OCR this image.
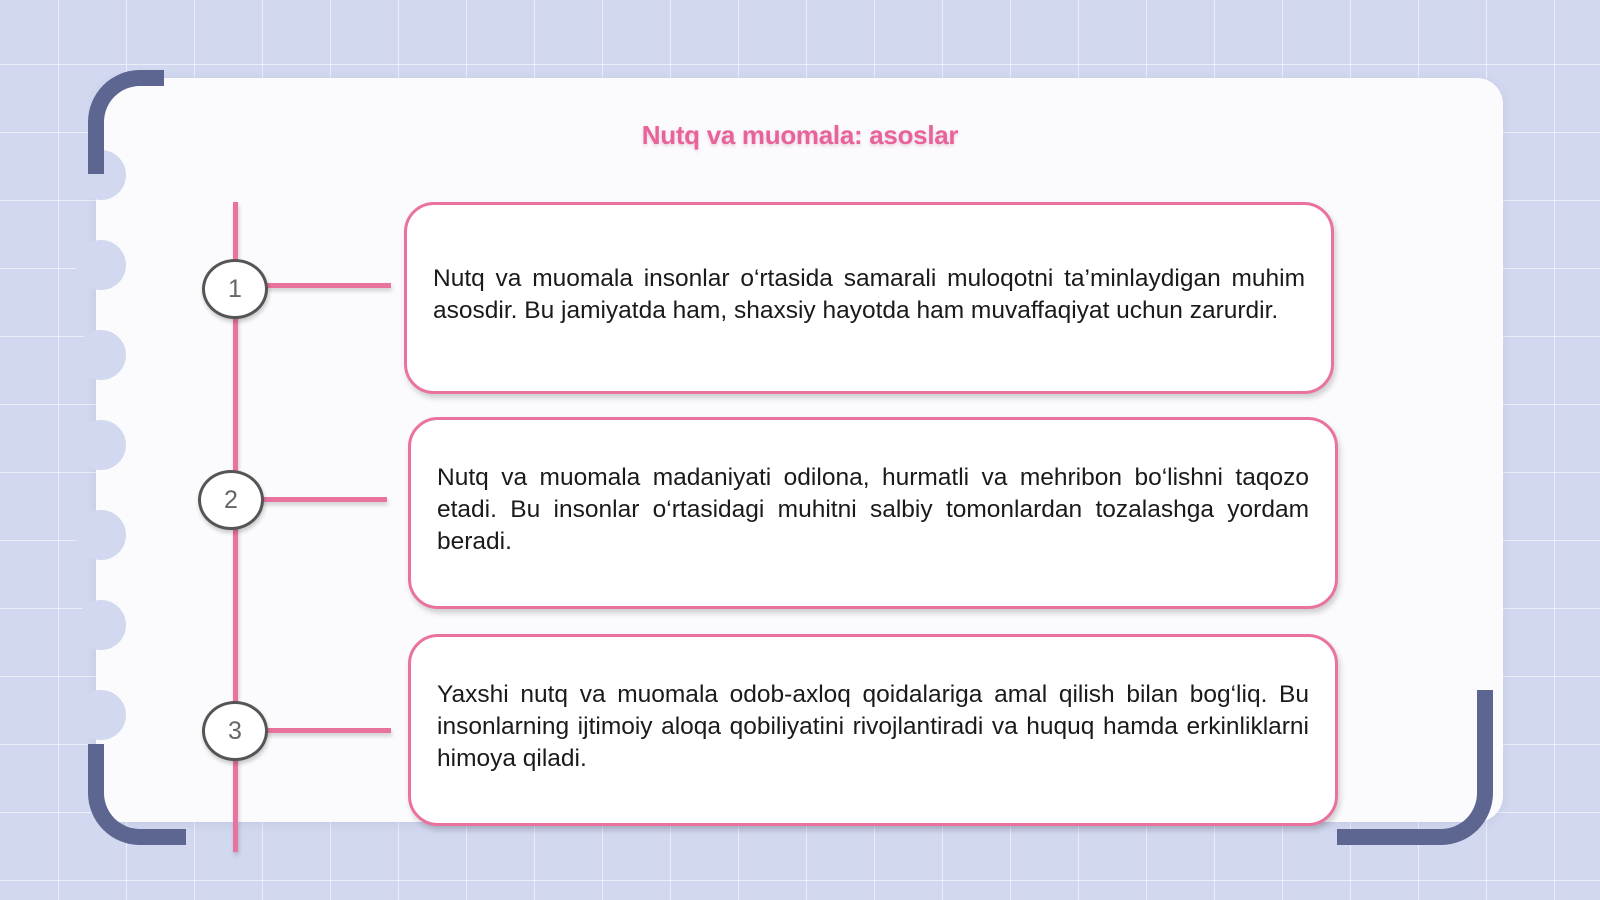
Nutq va muomala: asoslar
1
2
3

Nutq va muomala insonlar o‘rtasida samarali muloqotni ta’minlaydigan muhim asosdir. Bu jamiyatda ham, shaxsiy hayotda ham muvaffaqiyat uchun zarurdir.

Nutq va muomala madaniyati odilona, hurmatli va mehribon bo‘lishni taqozo etadi. Bu insonlar o‘rtasidagi muhitni salbiy tomonlardan tozalashga yordam beradi.

Yaxshi nutq va muomala odob-axloq qoidalariga amal qilish bilan bog‘liq. Bu insonlarning ijtimoiy aloqa qobiliyatini rivojlantiradi va huquq hamda erkinliklarni himoya qiladi.
